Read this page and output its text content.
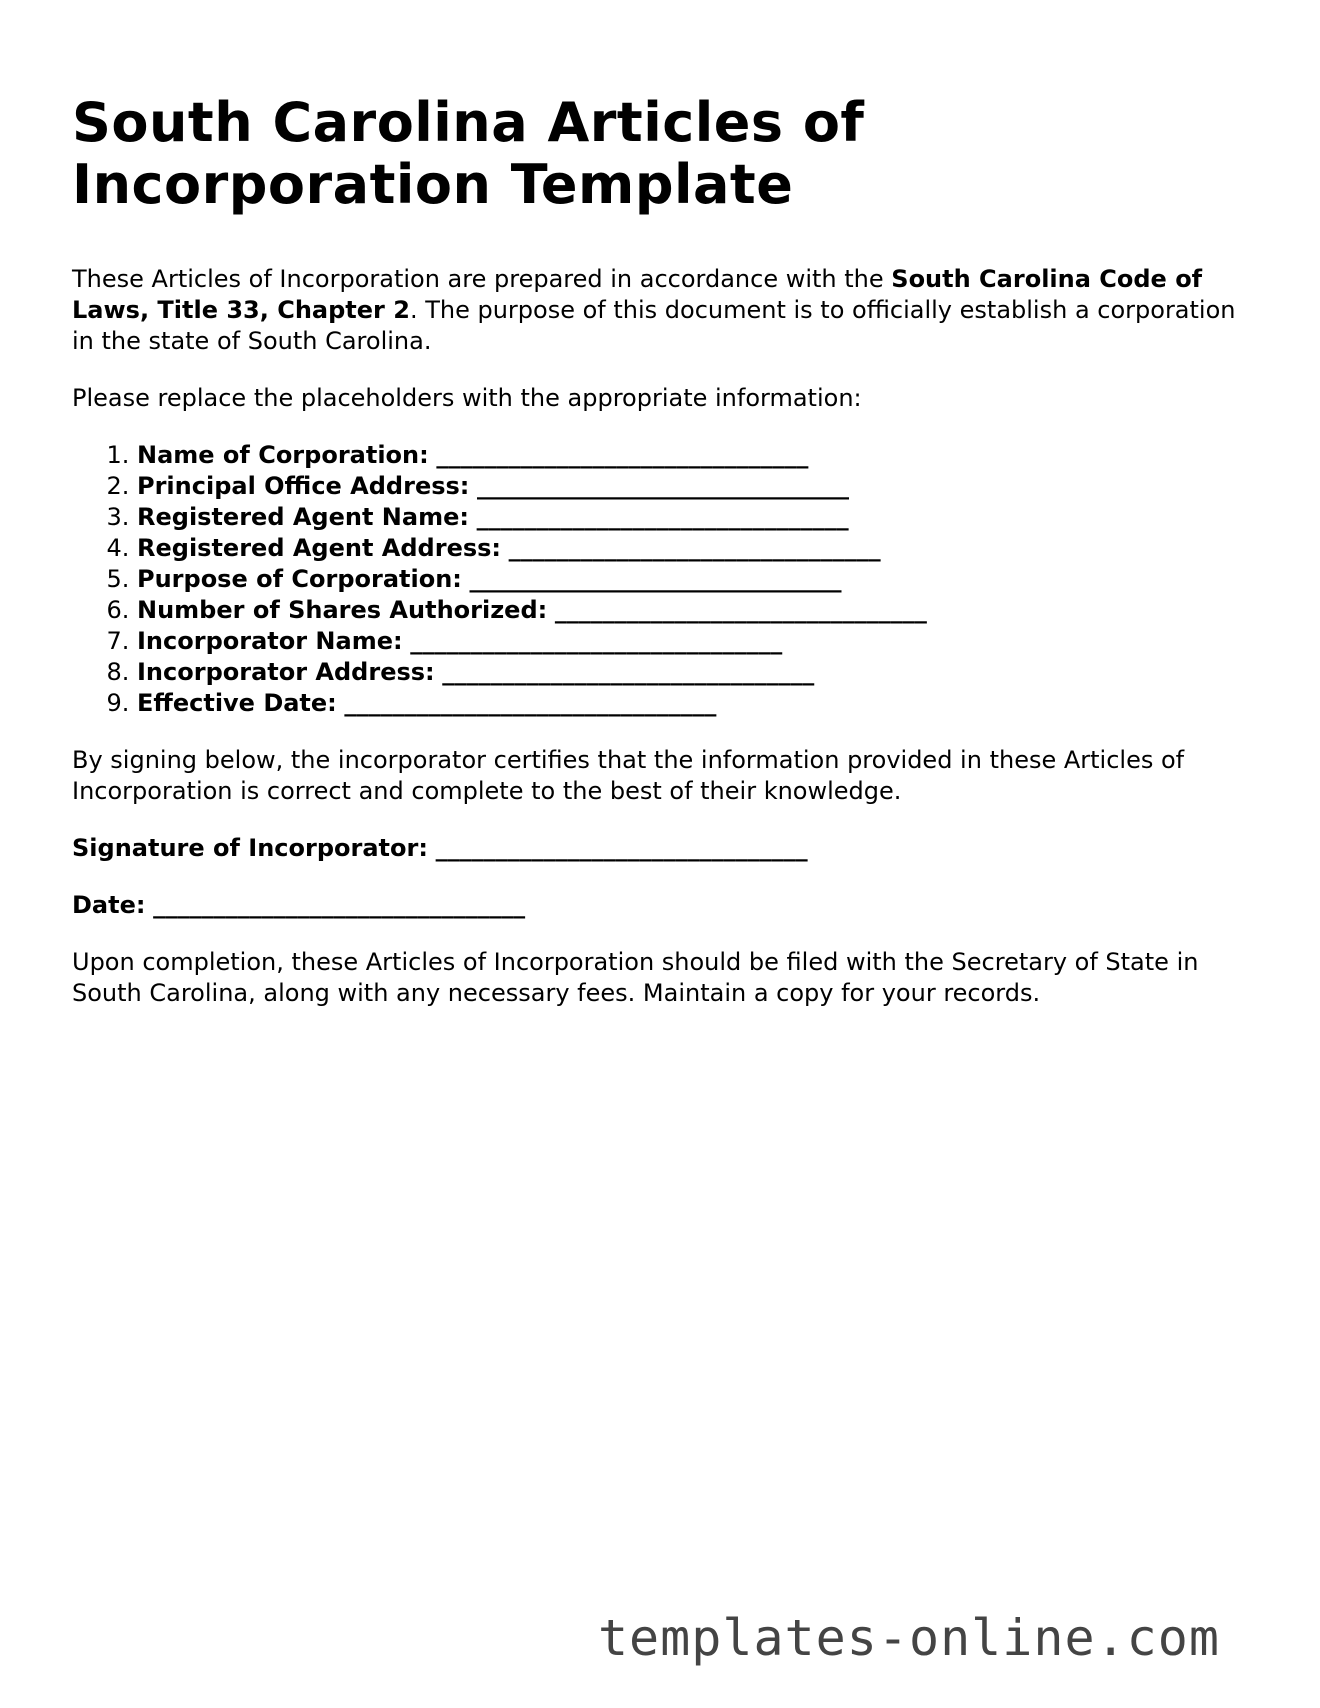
South Carolina Articles of Incorporation Template

These Articles of Incorporation are prepared in accordance with the South Carolina Code of Laws, Title 33, Chapter 2. The purpose of this document is to officially establish a corporation in the state of South Carolina.

Please replace the placeholders with the appropriate information:

1. Name of Corporation: _______________________________
2. Principal Office Address: _______________________________
3. Registered Agent Name: _______________________________
4. Registered Agent Address: _______________________________
5. Purpose of Corporation: _______________________________
6. Number of Shares Authorized: _______________________________
7. Incorporator Name: _______________________________
8. Incorporator Address: _______________________________
9. Effective Date: _______________________________

By signing below, the incorporator certifies that the information provided in these Articles of Incorporation is correct and complete to the best of their knowledge.

Signature of Incorporator: _______________________________

Date: _______________________________

Upon completion, these Articles of Incorporation should be filed with the Secretary of State in South Carolina, along with any necessary fees. Maintain a copy for your records.

templates-online.com
